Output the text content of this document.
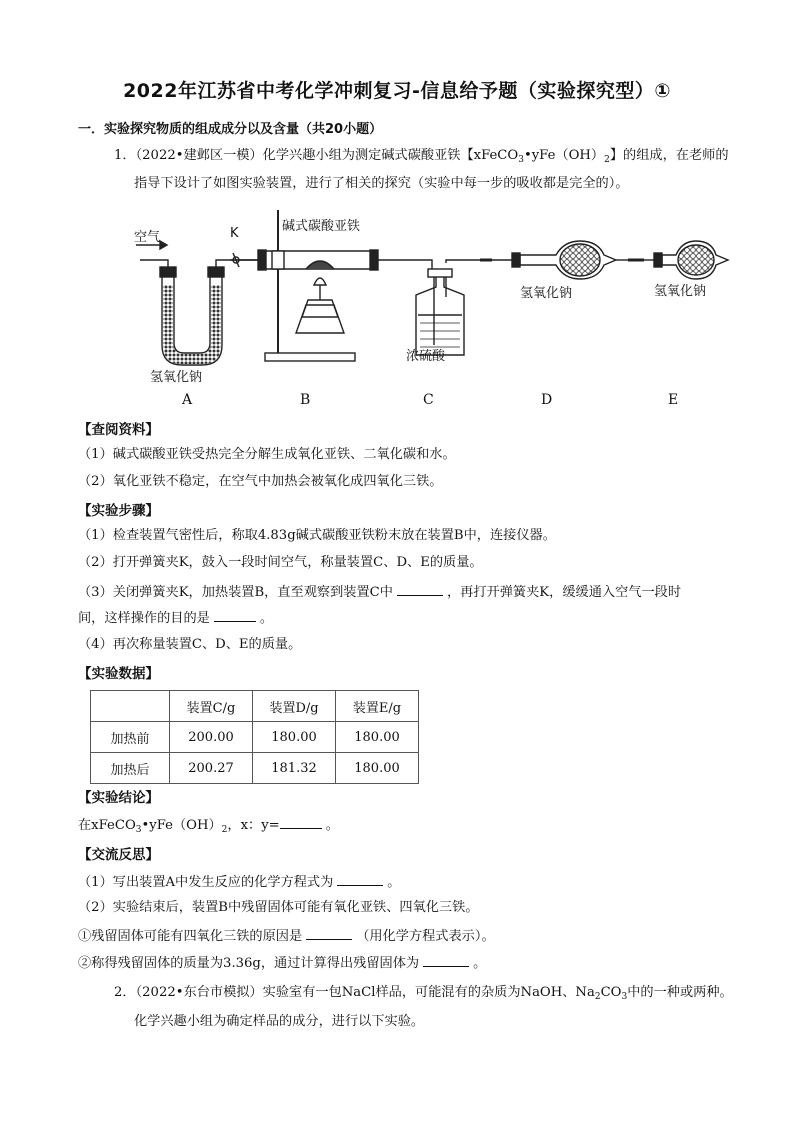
2022年江苏省中考化学冲刺复习-信息给予题（实验探究型）①
一．实验探究物质的组成成分以及含量（共20小题）
1．（2022•建邺区一模）化学兴趣小组为测定碱式碳酸亚铁【$xFeCO_3•yFe(OH)_2$】的组成，在老师的
指导下设计了如图实验装置，进行了相关的探究（实验中每一步的吸收都是完全的）。
空气	K	碱式碳酸亚铁
氢氧化钠
浓硫酸
氢氧化钠	氢氧化钠
A	B	C	D	E
【查阅资料】
（1）碱式碳酸亚铁受热完全分解生成氧化亚铁、二氧化碳和水。
（2）氧化亚铁不稳定，在空气中加热会被氧化成四氧化三铁。
【实验步骤】
（1）检查装置气密性后，称取4.83g碱式碳酸亚铁粉末放在装置B中，连接仪器。
（2）打开弹簧夹K，鼓入一段时间空气，称量装置C、D、E的质量。
（3）关闭弹簧夹K，加热装置B，直至观察到装置C中	，再打开弹簧夹K，缓缓通入空气一段时
间，这样操作的目的是	。
（4）再次称量装置C、D、E的质量。
【实验数据】
	装置C/g	装置D/g	装置E/g
加热前	200.00	180.00	180.00
加热后	200.27	181.32	180.00
【实验结论】
在$xFeCO_3•yFe(OH)_2$，x：y=	。
【交流反思】
（1）写出装置A中发生反应的化学方程式为	。
（2）实验结束后，装置B中残留固体可能有氧化亚铁、四氧化三铁。
①残留固体可能有四氧化三铁的原因是	（用化学方程式表示）。
②称得残留固体的质量为3.36g，通过计算得出残留固体为	。
2．（2022•东台市模拟）实验室有一包NaCl样品，可能混有的杂质为NaOH、$Na_2CO_3$中的一种或两种。
化学兴趣小组为确定样品的成分，进行以下实验。
